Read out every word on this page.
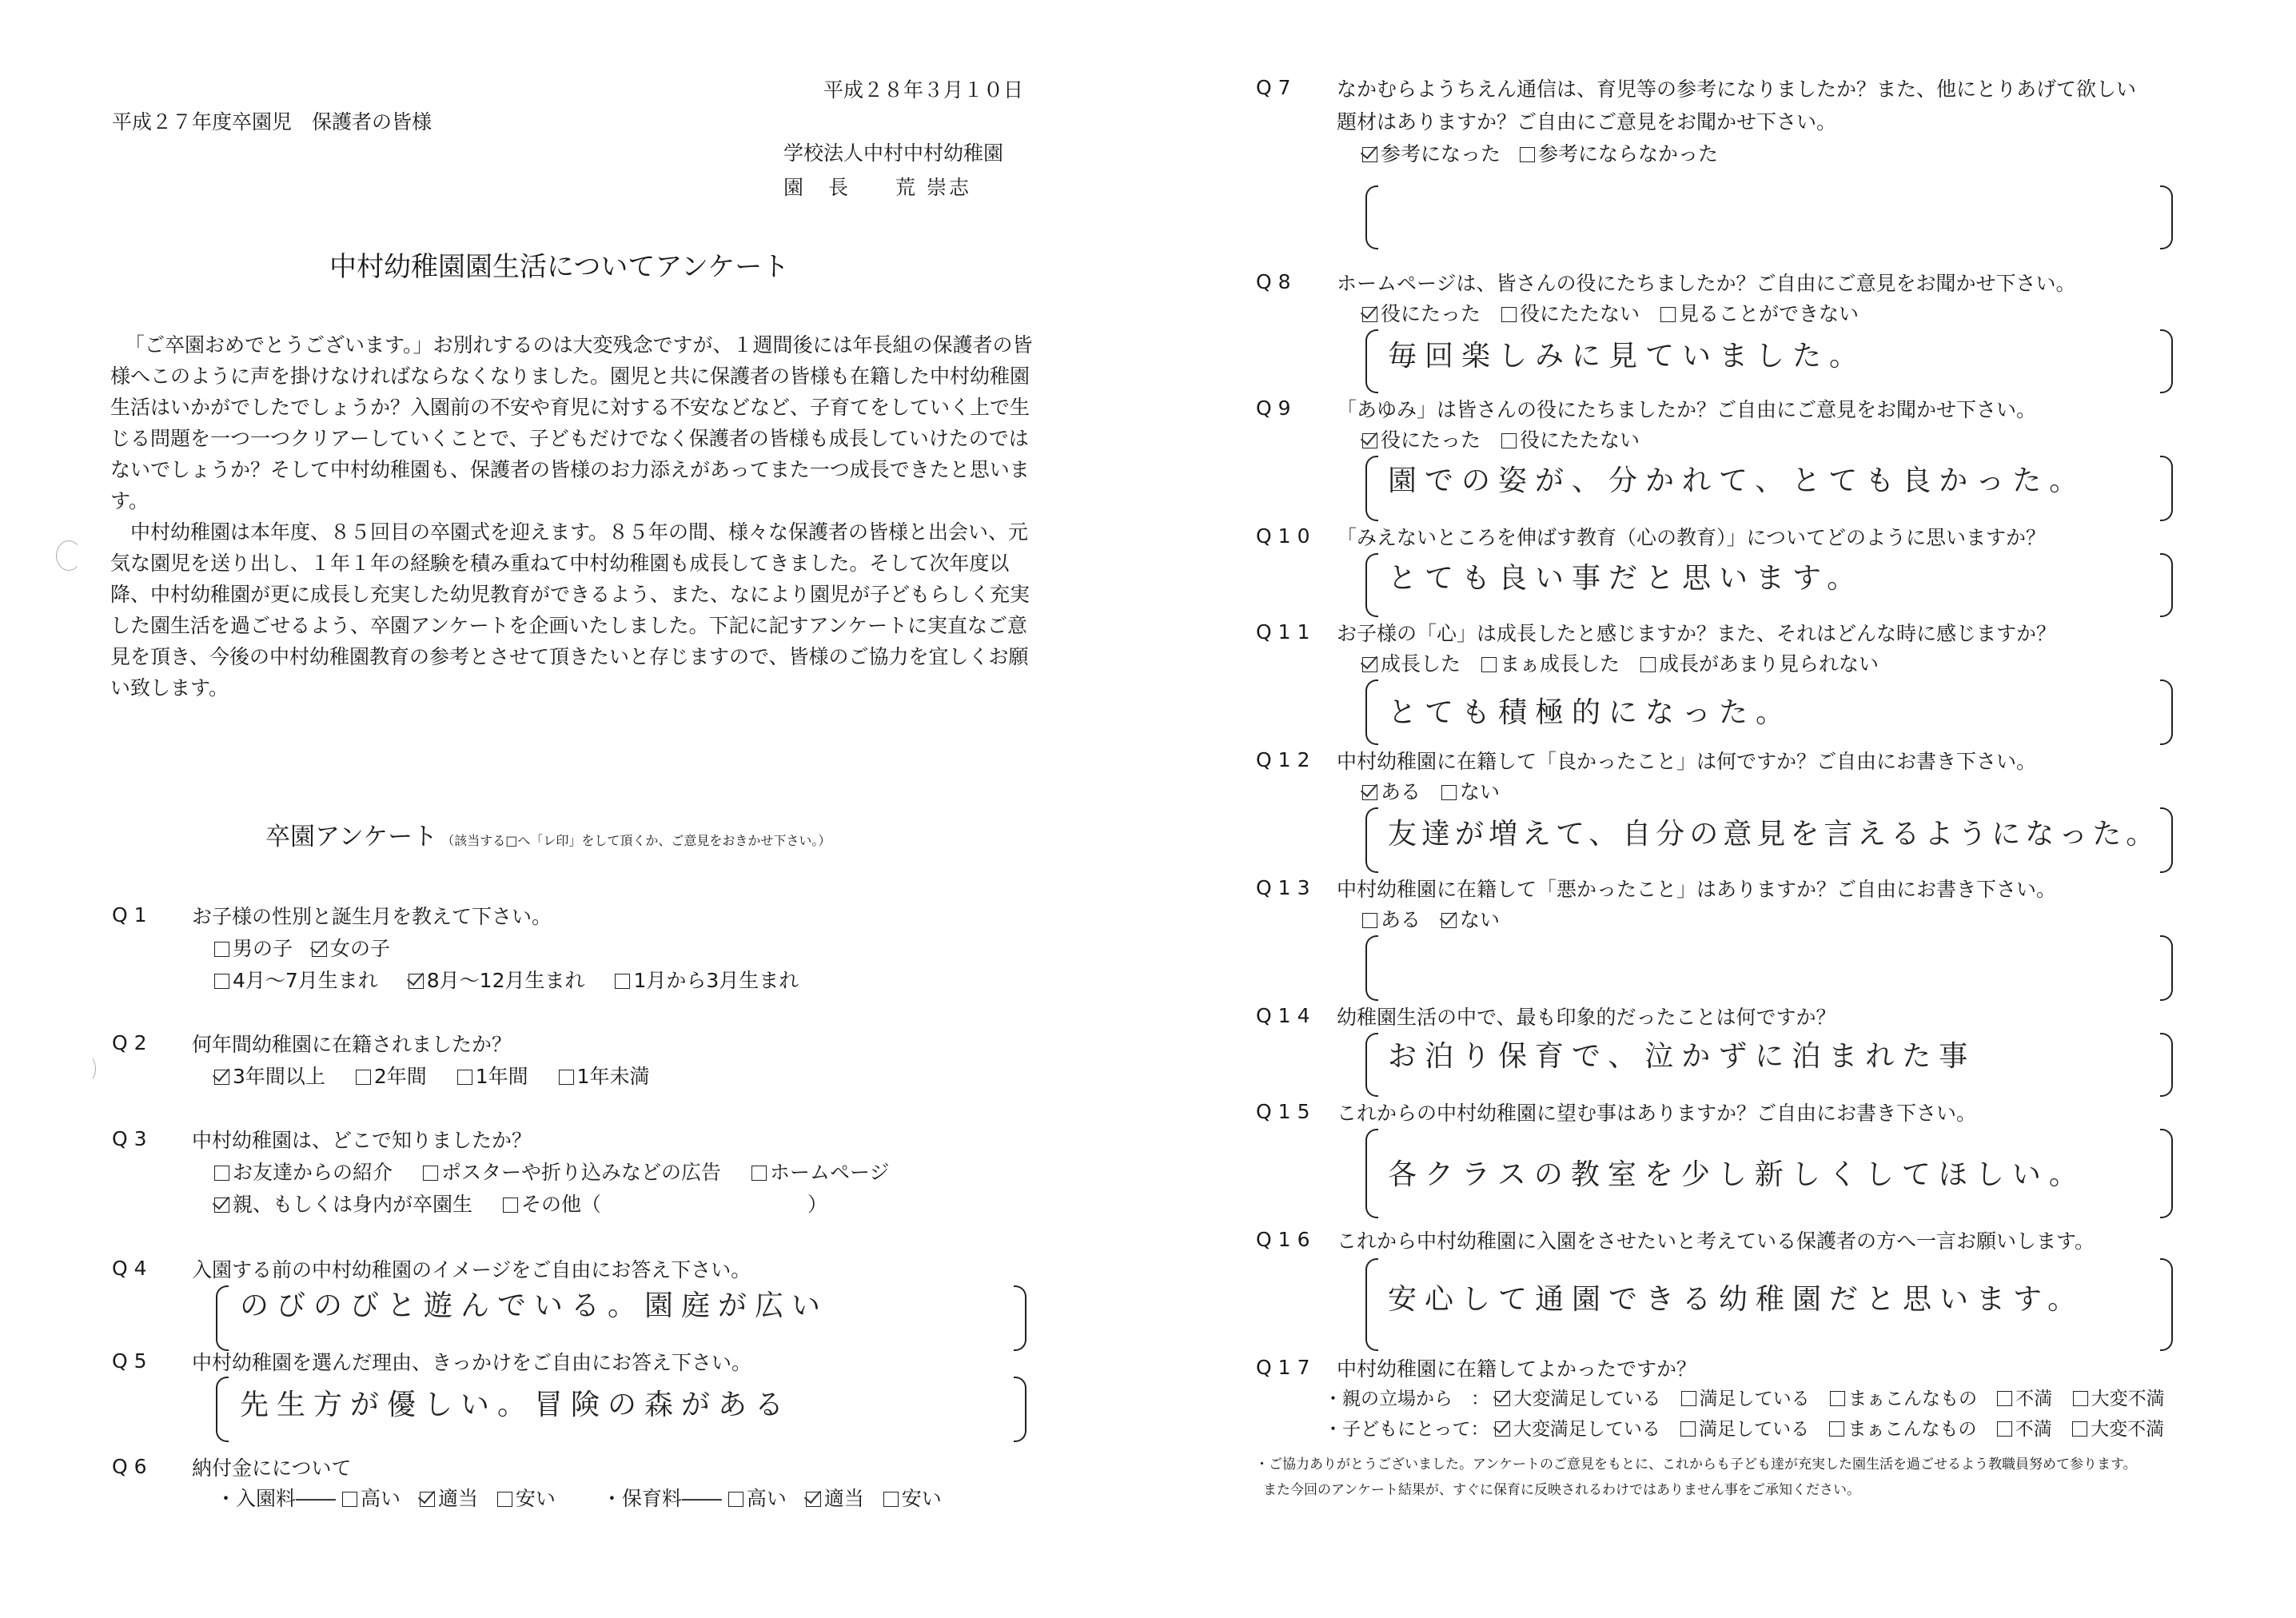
平成２８年３月１０日
平成２７年度卒園児　保護者の皆様
学校法人中村中村幼稚園
園　長　　荒 崇志
中村幼稚園園生活についてアンケート

「ご卒園おめでとうございます。」お別れするのは大変残念ですが、１週間後には年長組の保護者の皆様へこのように声を掛けなければならなくなりました。園児と共に保護者の皆様も在籍した中村幼稚園生活はいかがでしたでしょうか？入園前の不安や育児に対する不安などなど、子育てをしていく上で生じる問題を一つ一つクリアーしていくことで、子どもだけでなく保護者の皆様も成長していけたのではないでしょうか？そして中村幼稚園も、保護者の皆様のお力添えがあってまた一つ成長できたと思います。

中村幼稚園は本年度、８５回目の卒園式を迎えます。８５年の間、様々な保護者の皆様と出会い、元気な園児を送り出し、１年１年の経験を積み重ねて中村幼稚園も成長してきました。そして次年度以降、中村幼稚園が更に成長し充実した幼児教育ができるよう、また、なにより園児が子どもらしく充実した園生活を過ごせるよう、卒園アンケートを企画いたしました。下記に記すアンケートに実直なご意見を頂き、今後の中村幼稚園教育の参考とさせて頂きたいと存じますので、皆様のご協力を宜しくお願い致します。

卒園アンケート （該当する□へ「レ印」をして頂くか、ご意見をおきかせ下さい。）
Q1 お子様の性別と誕生月を教えて下さい。
男の子 女の子
4月～7月生まれ 8月～12月生まれ 1月から3月生まれ
Q2 何年間幼稚園に在籍されましたか？
3年間以上 2年間 1年間 1年未満
Q3 中村幼稚園は、どこで知りましたか？
お友達からの紹介 ポスターや折り込みなどの広告 ホームページ
親、もしくは身内が卒園生 その他（	）
Q4 入園する前の中村幼稚園のイメージをご自由にお答え下さい。
のびのびと遊んでいる。園庭が広い
Q5 中村幼稚園を選んだ理由、きっかけをご自由にお答え下さい。
先生方が優しい。冒険の森がある
Q6 納付金にについて
・入園料―― 高い 適当 安い ・保育料―― 高い 適当 安い
Q7 なかむらようちえん通信は、育児等の参考になりましたか？また、他にとりあげて欲しい
題材はありますか？ご自由にご意見をお聞かせ下さい。
参考になった 参考にならなかった
Q8 ホームページは、皆さんの役にたちましたか？ご自由にご意見をお聞かせ下さい。
役にたった 役にたたない 見ることができない
毎回楽しみに見ていました。
Q9 「あゆみ」は皆さんの役にたちましたか？ご自由にご意見をお聞かせ下さい。
役にたった 役にたたない
園での姿が、分かれて、とても良かった。
Q10 「みえないところを伸ばす教育（心の教育）」についてどのように思いますか？
とても良い事だと思います。
Q11 お子様の「心」は成長したと感じますか？また、それはどんな時に感じますか？
成長した まぁ成長した 成長があまり見られない
とても積極的になった。
Q12 中村幼稚園に在籍して「良かったこと」は何ですか？ご自由にお書き下さい。
ある ない
友達が増えて、自分の意見を言えるようになった。
Q13 中村幼稚園に在籍して「悪かったこと」はありますか？ご自由にお書き下さい。
ある ない
Q14 幼稚園生活の中で、最も印象的だったことは何ですか？
お泊り保育で、泣かずに泊まれた事
Q15 これからの中村幼稚園に望む事はありますか？ご自由にお書き下さい。
各クラスの教室を少し新しくしてほしい。
Q16 これから中村幼稚園に入園をさせたいと考えている保護者の方へ一言お願いします。
安心して通園できる幼稚園だと思います。
Q17 中村幼稚園に在籍してよかったですか？
・親の立場から　： 大変満足している 満足している まぁこんなもの 不満 大変不満
・子どもにとって： 大変満足している 満足している まぁこんなもの 不満 大変不満
・ご協力ありがとうございました。アンケートのご意見をもとに、これからも子ども達が充実した園生活を過ごせるよう教職員努めて参ります。
また今回のアンケート結果が、すぐに保育に反映されるわけではありません事をご承知ください。
